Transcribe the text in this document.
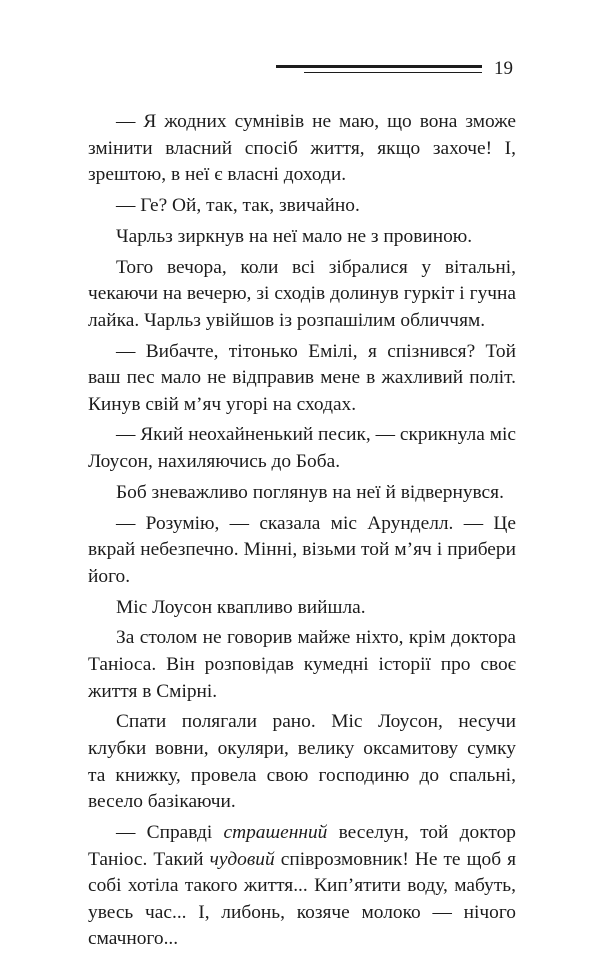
19

— Я жодних сумнівів не маю, що вона зможе змінити власний спосіб життя, якщо захоче! І, зрештою, в неї є власні доходи.

— Ге? Ой, так, так, звичайно.

Чарльз зиркнув на неї мало не з провиною.

Того вечора, коли всі зібралися у вітальні, чекаючи на вечерю, зі сходів долинув гуркіт і гучна лайка. Чарльз увійшов із розпашілим обличчям.

— Вибачте, тітонько Емілі, я спізнився? Той ваш пес мало не відправив мене в жахливий політ. Кинув свій м’яч угорі на сходах.

— Який неохайненький песик, — скрикнула міс Лоусон, нахиляючись до Боба.

Боб зневажливо поглянув на неї й відвернувся.

— Розумію, — сказала міс Арунделл. — Це вкрай небезпечно. Мінні, візьми той м’яч і прибери його.

Міс Лоусон квапливо вийшла.

За столом не говорив майже ніхто, крім доктора Таніоса. Він розповідав кумедні історії про своє життя в Смірні.

Спати полягали рано. Міс Лоусон, несучи клубки вовни, окуляри, велику оксамитову сумку та книжку, провела свою господиню до спальні, весело базікаючи.

— Справді страшенний веселун, той доктор Таніос. Такий чудовий співрозмовник! Не те щоб я собі хотіла такого життя... Кип’ятити воду, мабуть, увесь час... І, либонь, козяче молоко — нічого смачного...
